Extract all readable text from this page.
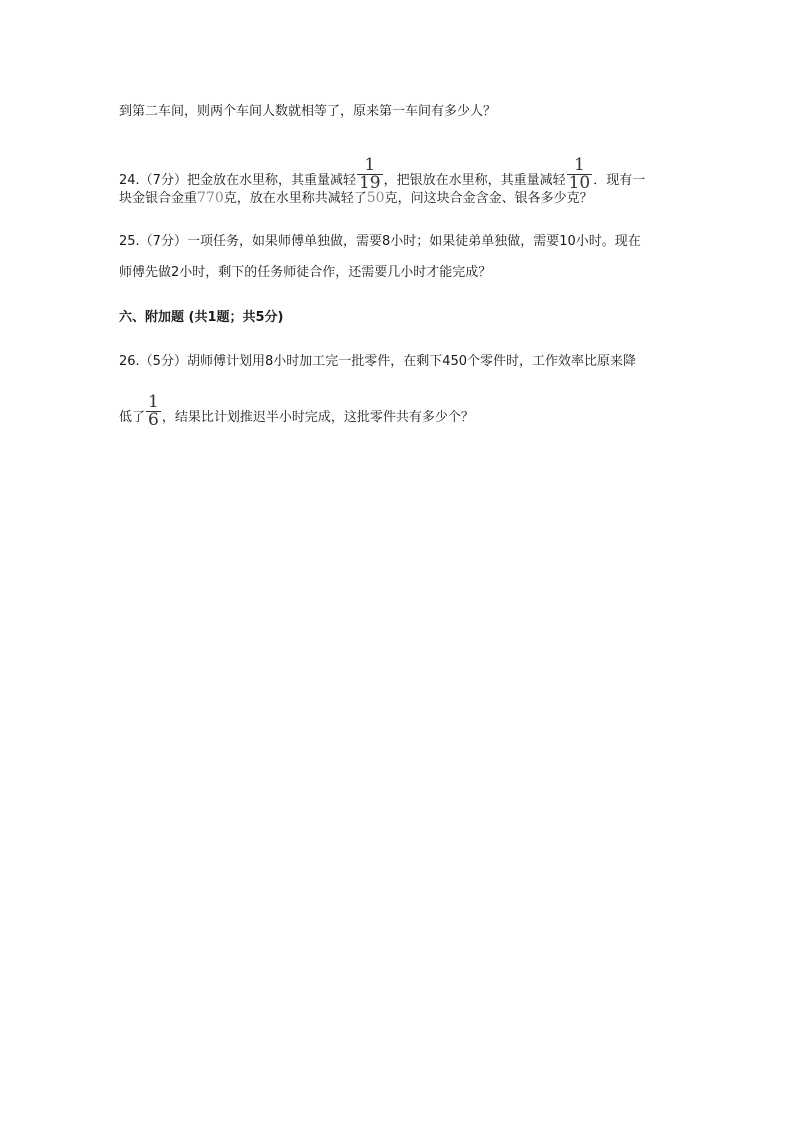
到第二车间，则两个车间人数就相等了，原来第一车间有多少人？
24.（7分）把金放在水里称，其重量减轻 $\frac{1}{19}$ ，把银放在水里称，其重量减轻 $\frac{1}{10}$ ．现有一
块金银合金重770克，放在水里称共减轻了50克，问这块合金含金、银各多少克？
25.（7分）一项任务，如果师傅单独做，需要8小时；如果徒弟单独做，需要10小时。现在
师傅先做2小时，剩下的任务师徒合作，还需要几小时才能完成？
六、附加题 (共1题；共5分)
26.（5分）胡师傅计划用8小时加工完一批零件，在剩下450个零件时，工作效率比原来降
低了 $\frac{1}{6}$ ，结果比计划推迟半小时完成，这批零件共有多少个？
